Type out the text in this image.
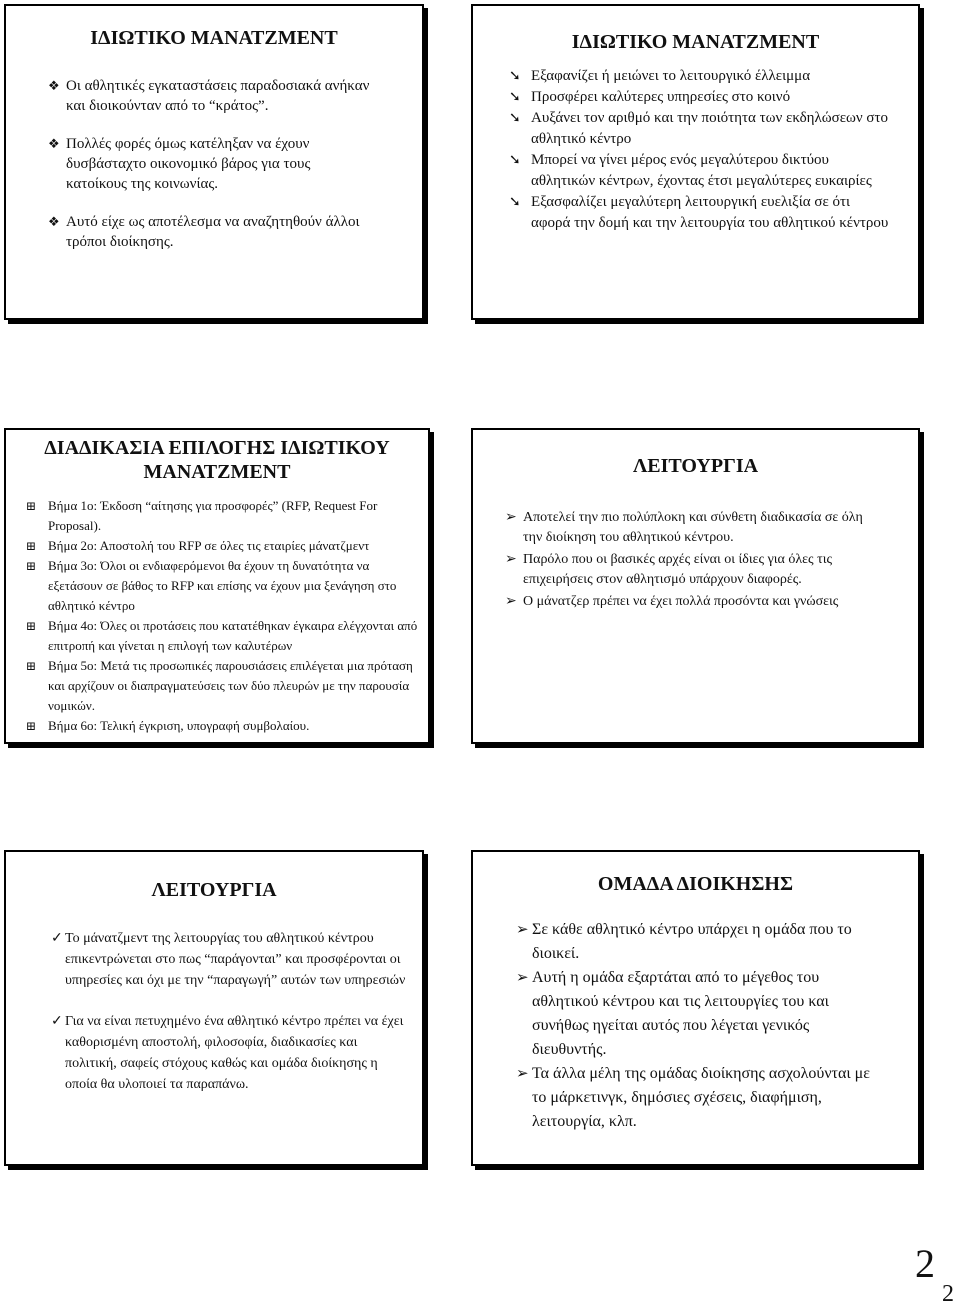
ΙΔΙΩΤΙΚΟ ΜΑΝΑΤΖΜΕΝΤ
❖ Οι αθλητικές εγκαταστάσεις παραδοσιακά ανήκαν και διοικούνταν από το “κράτος”.
❖ Πολλές φορές όμως κατέληξαν να έχουν δυσβάσταχτο οικονομικό βάρος για τους κατοίκους της κοινωνίας.
❖ Αυτό είχε ως αποτέλεσμα να αναζητηθούν άλλοι τρόποι διοίκησης.
ΙΔΙΩΤΙΚΟ ΜΑΝΑΤΖΜΕΝΤ
➘ Εξαφανίζει ή μειώνει το λειτουργικό έλλειμμα
➘ Προσφέρει καλύτερες υπηρεσίες στο κοινό
➘ Αυξάνει τον αριθμό και την ποιότητα των εκδηλώσεων στο αθλητικό κέντρο
➘ Μπορεί να γίνει μέρος ενός μεγαλύτερου δικτύου αθλητικών κέντρων, έχοντας έτσι μεγαλύτερες ευκαιρίες
➘ Εξασφαλίζει μεγαλύτερη λειτουργική ευελιξία σε ότι αφορά την δομή και την λειτουργία του αθλητικού κέντρου
ΔΙΑΔΙΚΑΣΙΑ ΕΠΙΛΟΓΗΣ ΙΔΙΩΤΙΚΟΥ ΜΑΝΑΤΖΜΕΝΤ
⊞ Βήμα 1ο: Έκδοση “αίτησης για προσφορές” (RFP, Request For Proposal).
⊞ Βήμα 2ο: Αποστολή του RFP σε όλες τις εταιρίες μάνατζμεντ
⊞ Βήμα 3ο: Όλοι οι ενδιαφερόμενοι θα έχουν τη δυνατότητα να εξετάσουν σε βάθος το RFP και επίσης να έχουν μια ξενάγηση στο αθλητικό κέντρο
⊞ Βήμα 4ο: Όλες οι προτάσεις που κατατέθηκαν έγκαιρα ελέγχονται από επιτροπή και γίνεται η επιλογή των καλυτέρων
⊞ Βήμα 5ο: Μετά τις προσωπικές παρουσιάσεις επιλέγεται μια πρόταση και αρχίζουν οι διαπραγματεύσεις των δύο πλευρών με την παρουσία νομικών.
⊞ Βήμα 6ο: Τελική έγκριση, υπογραφή συμβολαίου.
ΛΕΙΤΟΥΡΓΙΑ
➢ Αποτελεί την πιο πολύπλοκη και σύνθετη διαδικασία σε όλη την διοίκηση του αθλητικού κέντρου.
➢ Παρόλο που οι βασικές αρχές είναι οι ίδιες για όλες τις επιχειρήσεις στον αθλητισμό υπάρχουν διαφορές.
➢ Ο μάνατζερ πρέπει να έχει πολλά προσόντα και γνώσεις
ΛΕΙΤΟΥΡΓΙΑ
✓ Το μάνατζμεντ της λειτουργίας του αθλητικού κέντρου επικεντρώνεται στο πως “παράγονται” και προσφέρονται οι υπηρεσίες και όχι με την “παραγωγή” αυτών των υπηρεσιών
✓ Για να είναι πετυχημένο ένα αθλητικό κέντρο πρέπει να έχει καθορισμένη αποστολή, φιλοσοφία, διαδικασίες και πολιτική, σαφείς στόχους καθώς και ομάδα διοίκησης η οποία θα υλοποιεί τα παραπάνω.
ΟΜΑΔΑ ΔΙΟΙΚΗΣΗΣ
➢ Σε κάθε αθλητικό κέντρο υπάρχει η ομάδα που το διοικεί.
➢ Αυτή η ομάδα εξαρτάται από το μέγεθος του αθλητικού κέντρου και τις λειτουργίες του και συνήθως ηγείται αυτός που λέγεται γενικός διευθυντής.
➢ Τα άλλα μέλη της ομάδας διοίκησης ασχολούνται με το μάρκετινγκ, δημόσιες σχέσεις, διαφήμιση, λειτουργία, κλπ.
2
2
